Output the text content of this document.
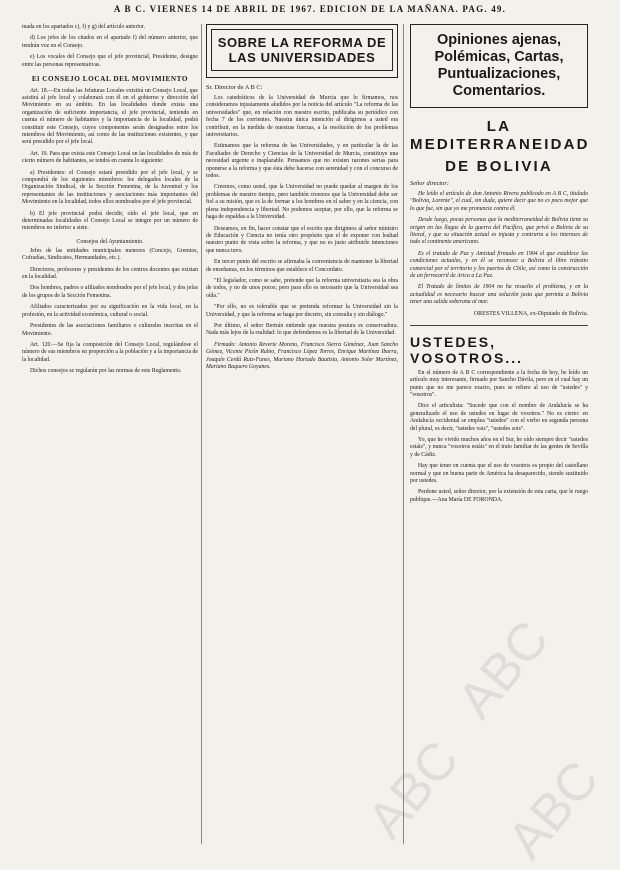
A B C. VIERNES 14 DE ABRIL DE 1967. EDICION DE LA MAÑANA. PAG. 49.

mada en los apartados c), f) y g) del artículo anterior.

d) Los jefes de los citados en el apartado f) del número anterior, que tendrán voz en el Consejo.

e) Los vocales del Consejo que el jefe provincial, Presidente, designe entre las personas representativas.

El CONSEJO LOCAL DEL MOVIMIENTO

Art. 18.—En todas las Jefaturas Locales existirá un Consejo Local, que asistirá al jefe local y colaborará con él en el gobierno y dirección del Movimiento en su ámbito. En las localidades donde exista una organización de suficiente importancia, el jefe provincial, teniendo en cuenta el número de habitantes y la importancia de la localidad, podrá constituir este Consejo, cuyos componentes serán designados entre los miembros del Movimiento, así como de las instituciones existentes, y que será presidido por el jefe local.

Art. 19. Para que exista este Consejo Local en las localidades de más de cierto número de habitantes, se tendrá en cuenta lo siguiente:

a) Presidentes: el Consejo estará presidido por el jefe local, y se compondrá de los siguientes miembros: los delegados locales de la Organización Sindical, de la Sección Femenina, de la Juventud y los representantes de las instituciones y asociaciones más importantes del Movimiento en la localidad, todos ellos nombrados por el jefe provincial.

b) El jefe provincial podrá decidir, oído el jefe local, que en determinadas localidades el Consejo Local se integre por un número de miembros no inferior a siete.

Consejos del Ayuntamiento.

Jefes de las entidades municipales menores (Concejo, Gremios, Cofradías, Sindicatos, Hermandades, etc.).

Directores, profesores y presidentes de los centros docentes que existan en la localidad.

Dos hombres, padres o afiliados nombrados por el jefe local, y dos jefas de los grupos de la Sección Femenina.

Afiliados caracterizados por su significación en la vida local, en la profesión, en la actividad económica, cultural o social.

Presidentes de las asociaciones familiares o culturales inscritas en el Movimiento.

Art. 120.—Se fija la composición del Consejo Local, regulándose el número de sus miembros en proporción a la población y a la importancia de la localidad.

Dichos consejos se regularán por las normas de este Reglamento.

SOBRE LA REFORMA DE LAS UNIVERSIDADES
Sr. Director de A B C:

Los catedráticos de la Universidad de Murcia que lo firmamos, nos consideramos injustamente aludidos por la noticia del artículo "La reforma de las universidades" que, en relación con nuestro escrito, publicaba su periódico con fecha 7 de los corrientes. Nuestra única intención al dirigirnos a usted era contribuir, en la medida de nuestras fuerzas, a la resolución de los problemas universitarios.

Estimamos que la reforma de las Universidades, y en particular la de las Facultades de Derecho y Ciencias de la Universidad de Murcia, constituye una necesidad urgente e inaplazable. Pensamos que no existen razones serias para oponerse a la reforma y que ésta debe hacerse con serenidad y con el concurso de todos.

Creemos, como usted, que la Universidad no puede quedar al margen de los problemas de nuestro tiempo, pero también creemos que la Universidad debe ser fiel a su misión, que es la de formar a los hombres en el saber y en la ciencia, con plena independencia y libertad. No podemos aceptar, por ello, que la reforma se haga de espaldas a la Universidad.

Deseamos, en fin, hacer constar que el escrito que dirigimos al señor ministro de Educación y Ciencia no tenía otro propósito que el de exponer con lealtad nuestro punto de vista sobre la reforma, y que no es justo atribuirle intenciones que nunca tuvo.

En tercer punto del escrito se afirmaba la conveniencia de mantener la libertad de enseñanza, en los términos que establece el Concordato.

"El legislador, como se sabe, pretende que la reforma universitaria sea la obra de todos, y no de unos pocos; pero para ello es necesario que la Universidad sea oída."

"Por ello, no es tolerable que se pretenda reformar la Universidad sin la Universidad, y que la reforma se haga por decreto, sin consulta y sin diálogo."

Por último, el señor Bertrán entiende que nuestra postura es conservadora. Nada más lejos de la realidad: lo que defendemos es la libertad de la Universidad.

Firmado: Antonio Reverte Moreno, Francisco Sierra Giménez, Juan Sancho Gómez, Vicente Picón Rubio, Francisco López Torres, Enrique Martínez Ibarra, Joaquín Cerdá Ruiz-Funes, Mariano Hurtado Bautista, Antonio Soler Martínez, Mariano Baquero Goyanes.

Opiniones ajenas, Polémicas, Cartas, Puntualizaciones, Comentarios.
LA MEDITERRANEIDAD
DE BOLIVIA
Señor director:

He leído el artículo de don Antonio Rivera publicado en A B C, titulado "Bolivia, Lorente", el cual, sin duda, quiere decir que no es poco mejor que lo que fue, sin que yo me pronuncie contra él.

Desde luego, pocas personas que la mediterraneidad de Bolivia tiene su origen en las llagas de la guerra del Pacífico, que privó a Bolivia de su litoral, y que su situación actual es injusta y contraria a los intereses de todo el continente americano.

Es el tratado de Paz y Amistad firmado en 1904 el que establece las condiciones actuales, y en él se reconoce a Bolivia el libre tránsito comercial por el territorio y los puertos de Chile, así como la construcción de un ferrocarril de Arica a La Paz.

El Tratado de límites de 1904 no ha resuelto el problema, y en la actualidad es necesario buscar una solución justa que permita a Bolivia tener una salida soberana al mar.

ORESTES VILLENA, ex-Diputado de Bolivia.
USTEDES, VOSOTROS...

En el número de A B C correspondiente a la fecha de hoy, he leído un artículo muy interesante, firmado por Sancho Dávila, pero en el cual hay un punto que no me parece exacto, pues se refiere al uso de "ustedes" y "vosotros".

Dice el articulista: "Sucede que con el nombre de Andalucía se ha generalizado el uso de ustedes en lugar de vosotros." No es cierto: en Andalucía occidental se emplea "ustedes" con el verbo en segunda persona del plural, es decir, "ustedes vais", "ustedes sois".

Yo, que he vivido muchos años en el Sur, he oído siempre decir "ustedes estáis", y nunca "vosotros estáis" en el trato familiar de las gentes de Sevilla y de Cádiz.

Hay que tener en cuenta que el uso de vosotros es propio del castellano normal y que en buena parte de América ha desaparecido, siendo sustituido por ustedes.

Perdone usted, señor director, por la extensión de esta carta, que le ruego publique.—Ana María DE FORONDA.

ABC
ABC
ABC
